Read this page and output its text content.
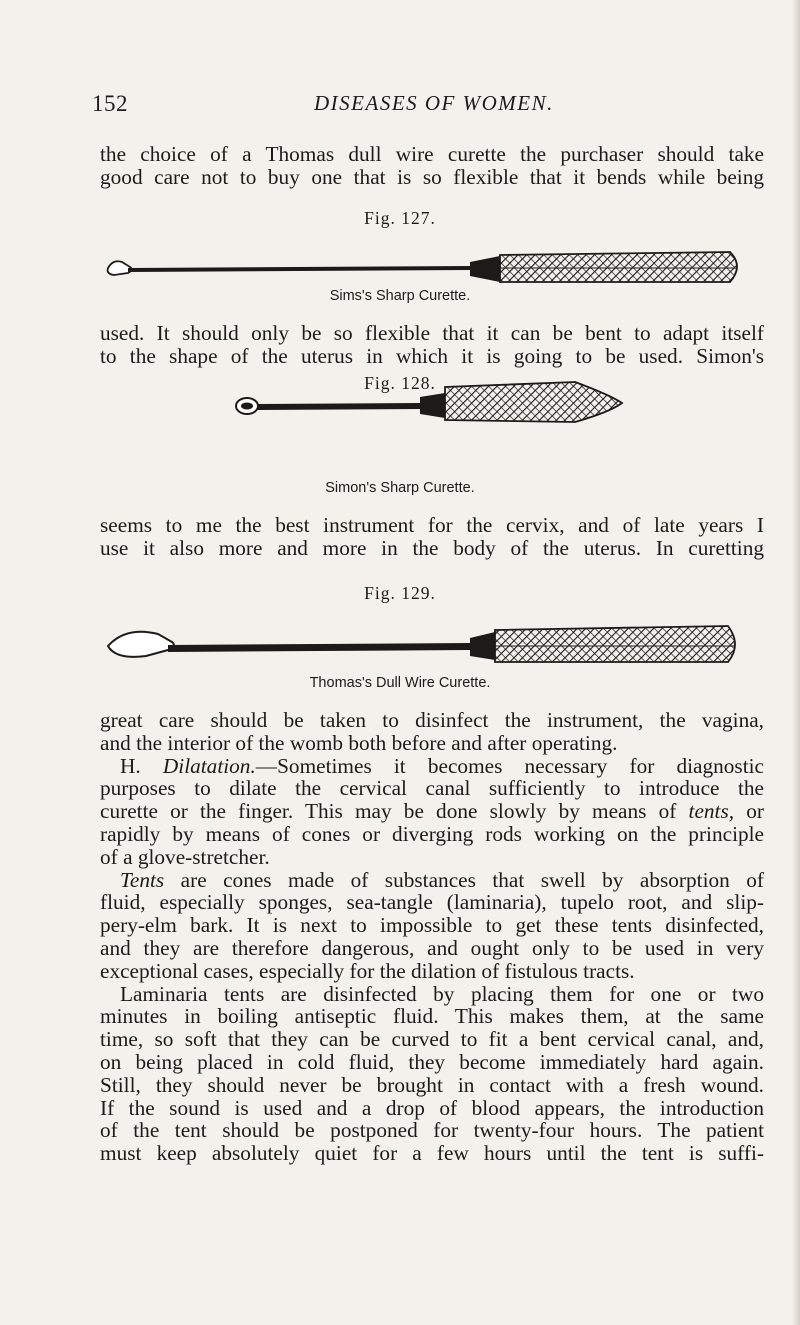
152	DISEASES OF WOMEN.
the choice of a Thomas dull wire curette the purchaser should take
good care not to buy one that is so flexible that it bends while being
Fig. 127.
Sims's Sharp Curette.
used. It should only be so flexible that it can be bent to adapt itself
to the shape of the uterus in which it is going to be used. Simon's
Fig. 128.
Simon's Sharp Curette.
seems to me the best instrument for the cervix, and of late years I
use it also more and more in the body of the uterus. In curetting
Fig. 129.
Thomas's Dull Wire Curette.
great care should be taken to disinfect the instrument, the vagina,
and the interior of the womb both before and after operating.
H. Dilatation.—Sometimes it becomes necessary for diagnostic
purposes to dilate the cervical canal sufficiently to introduce the
curette or the finger. This may be done slowly by means of tents, or
rapidly by means of cones or diverging rods working on the principle
of a glove-stretcher.
Tents are cones made of substances that swell by absorption of
fluid, especially sponges, sea-tangle (laminaria), tupelo root, and slip-
pery-elm bark. It is next to impossible to get these tents disinfected,
and they are therefore dangerous, and ought only to be used in very
exceptional cases, especially for the dilation of fistulous tracts.
Laminaria tents are disinfected by placing them for one or two
minutes in boiling antiseptic fluid. This makes them, at the same
time, so soft that they can be curved to fit a bent cervical canal, and,
on being placed in cold fluid, they become immediately hard again.
Still, they should never be brought in contact with a fresh wound.
If the sound is used and a drop of blood appears, the introduction
of the tent should be postponed for twenty-four hours. The patient
must keep absolutely quiet for a few hours until the tent is suffi-
